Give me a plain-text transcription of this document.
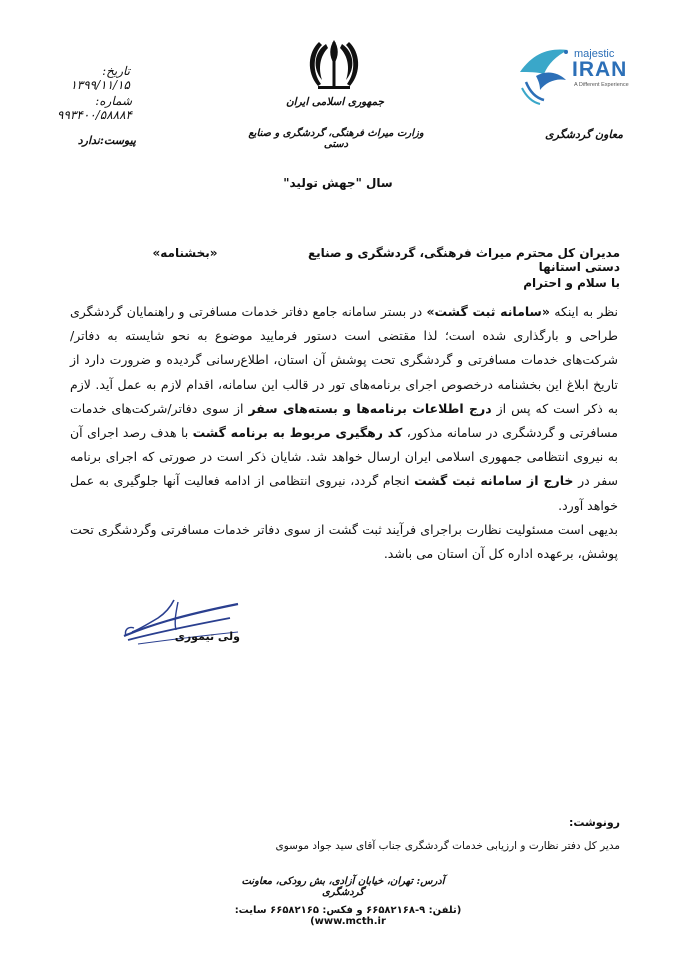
تاریخ: ۱۳۹۹/۱۱/۱۵
شماره: ۹۹۳۴۰۰/۵۸۸۸۴
پیوست:ندارد
جمهوری اسلامی ایران
وزارت میراث فرهنگی، گردشگری و صنایع دستی
majestic
IRAN
A Different Experience
معاون گردشگری
سال "جهش تولید"
مدیران کل محترم میراث فرهنگی، گردشگری و صنایع دستی استانها
«بخشنامه»
با سلام و احترام

نظر به اینکه «سامانه ثبت گشت» در بستر سامانه جامع دفاتر خدمات مسافرتی و راهنمایان گردشگری طراحی و بارگذاری شده است؛ لذا مقتضی است دستور فرمایید موضوع به نحو شایسته به دفاتر/شرکت‌های خدمات مسافرتی و گردشگری تحت پوشش آن استان، اطلاع‌رسانی گردیده و ضرورت دارد از تاریخ ابلاغ این بخشنامه درخصوص اجرای برنامه‌های تور در قالب این سامانه، اقدام لازم به عمل آید. لازم به ذکر است که پس از درج اطلاعات برنامه‌ها و بسته‌های سفر از سوی دفاتر/شرکت‌های خدمات مسافرتی و گردشگری در سامانه مذکور، کد رهگیری مربوط به برنامه گشت با هدف رصد اجرای آن به نیروی انتظامی جمهوری اسلامی ایران ارسال خواهد شد. شایان ذکر است در صورتی که اجرای برنامه سفر در خارج از سامانه ثبت گشت انجام گردد، نیروی انتظامی از ادامه فعالیت آنها جلوگیری به عمل خواهد آورد.

بدیهی است مسئولیت نظارت براجرای فرآیند ثبت گشت از سوی دفاتر خدمات مسافرتی وگردشگری تحت پوشش، برعهده اداره کل آن استان می باشد.

ولی تیموری
رونوشت:
مدیر کل دفتر نظارت و ارزیابی خدمات گردشگری جناب آقای سید جواد موسوی
آدرس: تهران، خیابان آزادی، بش رودکی، معاونت گردشگری
(تلفن: ۹-۶۶۵۸۲۱۶۸ و فکس: ۶۶۵۸۲۱۶۵ سایت: www.mcth.ir)
